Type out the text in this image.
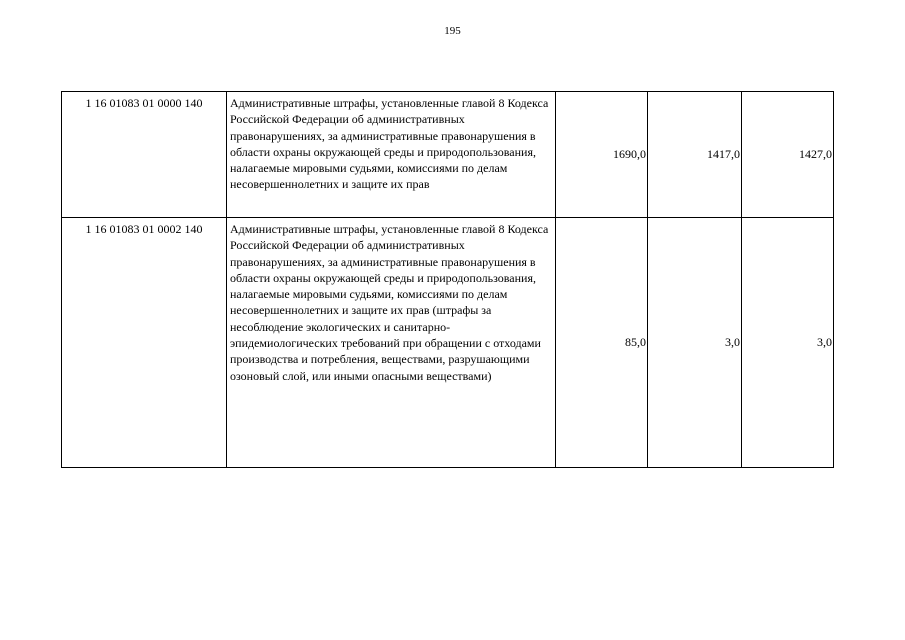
195
1 16 01083 01 0000 140	Административные штрафы, установленные главой 8 Кодекса Российской Федерации об административных правонарушениях, за административные правонарушения в области охраны окружающей среды и природопользования, налагаемые мировыми судьями, комиссиями по делам несовершеннолетних и защите их прав	1690,0	1417,0	1427,0
1 16 01083 01 0002 140	Административные штрафы, установленные главой 8 Кодекса Российской Федерации об административных правонарушениях, за административные правонарушения в области охраны окружающей среды и природопользования, налагаемые мировыми судьями, комиссиями по делам несовершеннолетних и защите их прав (штрафы за несоблюдение экологических и санитарно-эпидемиологических требований при обращении с отходами производства и потребления, веществами, разрушающими озоновый слой, или иными опасными веществами)	85,0	3,0	3,0
